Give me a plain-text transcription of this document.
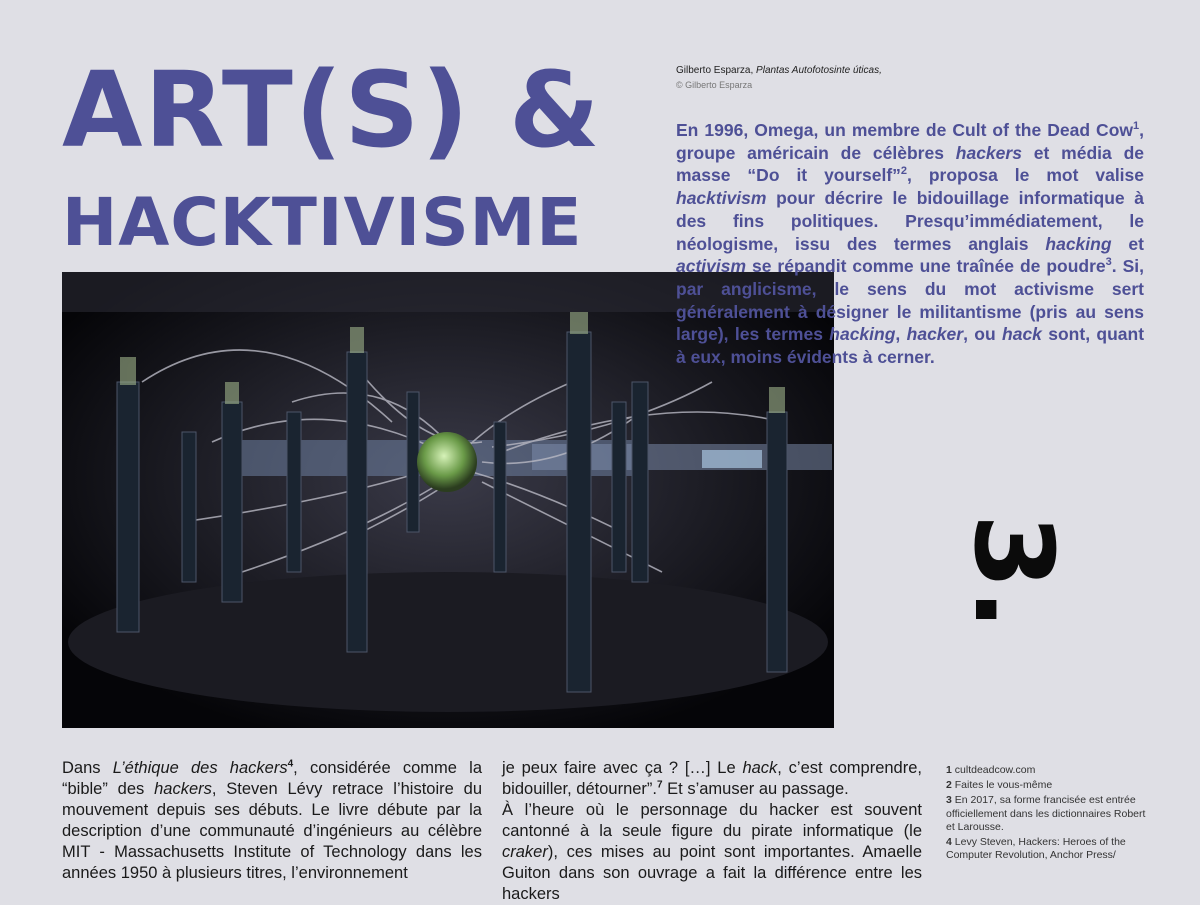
ART(S) &
HACKTIVISME
Gilberto Esparza, Plantas Autofotosinte úticas,
© Gilberto Esparza

En 1996, Omega, un membre de Cult of the Dead Cow$^1$, groupe américain de célèbres hackers et média de masse “Do it yourself”$^2$, proposa le mot valise hacktivism pour décrire le bidouillage informatique à des fins politiques. Presqu’immédiatement, le néologisme, issu des termes anglais hacking et activism se répandit comme une traînée de poudre$^3$. Si, par anglicisme, le sens du mot activisme sert généralement à désigner le militantisme (pris au sens large), les termes hacking, hacker, ou hack sont, quant à eux, moins évidents à cerner.

3.

Dans L’éthique des hackers$^4$, considérée comme la “bible” des hackers, Steven Lévy retrace l’histoire du mouvement depuis ses débuts. Le livre débute par la description d’une communauté d’ingénieurs au célèbre MIT - Massachusetts Institute of Technology dans les années 1950 à plusieurs titres, l’environnement

je peux faire avec ça ? […] Le hack, c’est comprendre, bidouiller, détourner”.$^7$ Et s’amuser au passage.
À l’heure où le personnage du hacker est souvent cantonné à la seule figure du pirate informatique (le craker), ces mises au point sont importantes. Amaelle Guiton dans son ouvrage a fait la différence entre les hackers

1 cultdeadcow.com
2 Faites le vous-même
3 En 2017, sa forme francisée est entrée officiellement dans les dictionnaires Robert et Larousse.
4 Levy Steven, Hackers: Heroes of the Computer Revolution, Anchor Press/
